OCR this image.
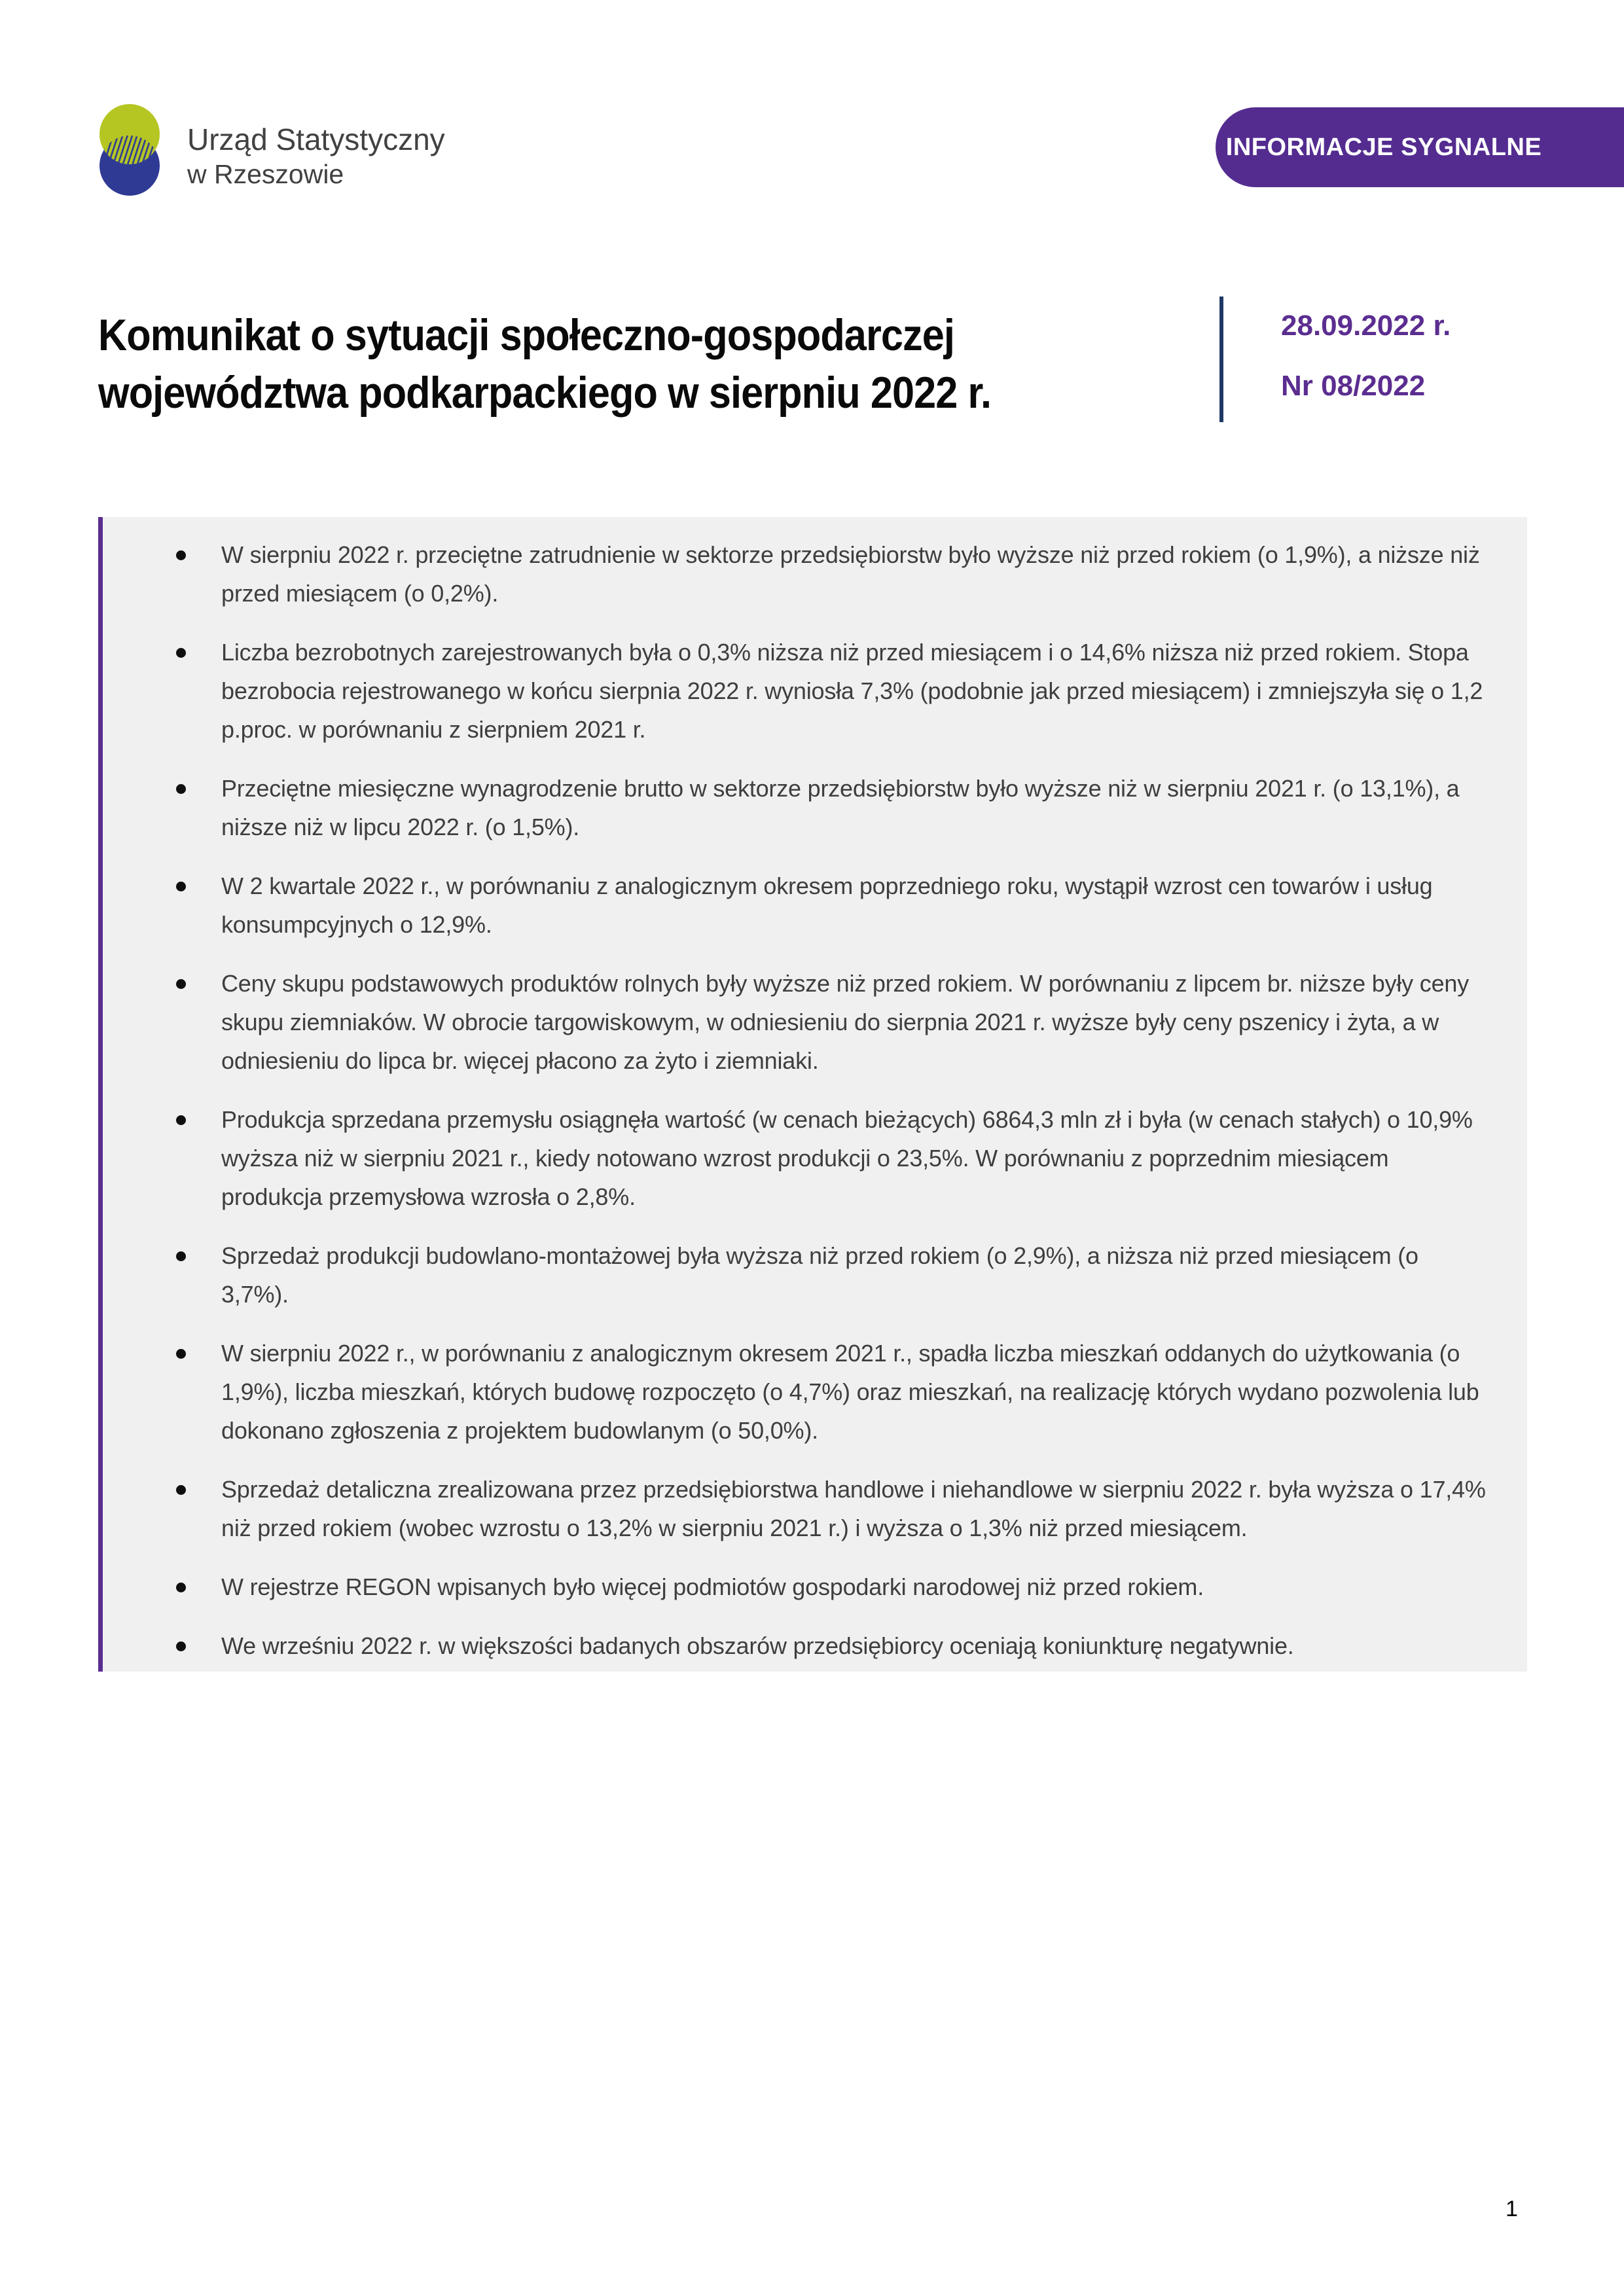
Urząd Statystyczny
w Rzeszowie
INFORMACJE SYGNALNE
Komunikat o sytuacji społeczno-gospodarczej
województwa podkarpackiego w sierpniu 2022 r.
28.09.2022 r.
Nr 08/2022
W sierpniu 2022 r. przeciętne zatrudnienie w sektorze przedsiębiorstw było wyższe niż przed rokiem (o 1,9%), a niższe niż przed miesiącem (o 0,2%).
Liczba bezrobotnych zarejestrowanych była o 0,3% niższa niż przed miesiącem i o 14,6% niższa niż przed rokiem. Stopa bezrobocia rejestrowanego w końcu sierpnia 2022 r. wyniosła 7,3% (podobnie jak przed miesiącem) i zmniejszyła się o 1,2 p.proc. w porównaniu z sierpniem 2021 r.
Przeciętne miesięczne wynagrodzenie brutto w sektorze przedsiębiorstw było wyższe niż w sierpniu 2021 r. (o 13,1%), a niższe niż w lipcu 2022 r. (o 1,5%).
W 2 kwartale 2022 r., w porównaniu z analogicznym okresem poprzedniego roku, wystąpił wzrost cen towarów i usług konsumpcyjnych o 12,9%.
Ceny skupu podstawowych produktów rolnych były wyższe niż przed rokiem. W porównaniu z lipcem br. niższe były ceny skupu ziemniaków. W obrocie targowiskowym, w odniesieniu do sierpnia 2021 r. wyższe były ceny pszenicy i żyta, a w odniesieniu do lipca br. więcej płacono za żyto i ziemniaki.
Produkcja sprzedana przemysłu osiągnęła wartość (w cenach bieżących) 6864,3 mln zł i była (w cenach stałych) o 10,9% wyższa niż w sierpniu 2021 r., kiedy notowano wzrost produkcji o 23,5%. W porównaniu z poprzednim miesiącem produkcja przemysłowa wzrosła o 2,8%.
Sprzedaż produkcji budowlano-montażowej była wyższa niż przed rokiem (o 2,9%), a niższa niż przed miesiącem (o 3,7%).
W sierpniu 2022 r., w porównaniu z analogicznym okresem 2021 r., spadła liczba mieszkań oddanych do użytkowania (o 1,9%), liczba mieszkań, których budowę rozpoczęto (o 4,7%) oraz mieszkań, na realizację których wydano pozwolenia lub dokonano zgłoszenia z projektem budowlanym (o 50,0%).
Sprzedaż detaliczna zrealizowana przez przedsiębiorstwa handlowe i niehandlowe w sierpniu 2022 r. była wyższa o 17,4% niż przed rokiem (wobec wzrostu o 13,2% w sierpniu 2021 r.) i wyższa o 1,3% niż przed miesiącem.
W rejestrze REGON wpisanych było więcej podmiotów gospodarki narodowej niż przed rokiem.
We wrześniu 2022 r. w większości badanych obszarów przedsiębiorcy oceniają koniunkturę negatywnie.
1
